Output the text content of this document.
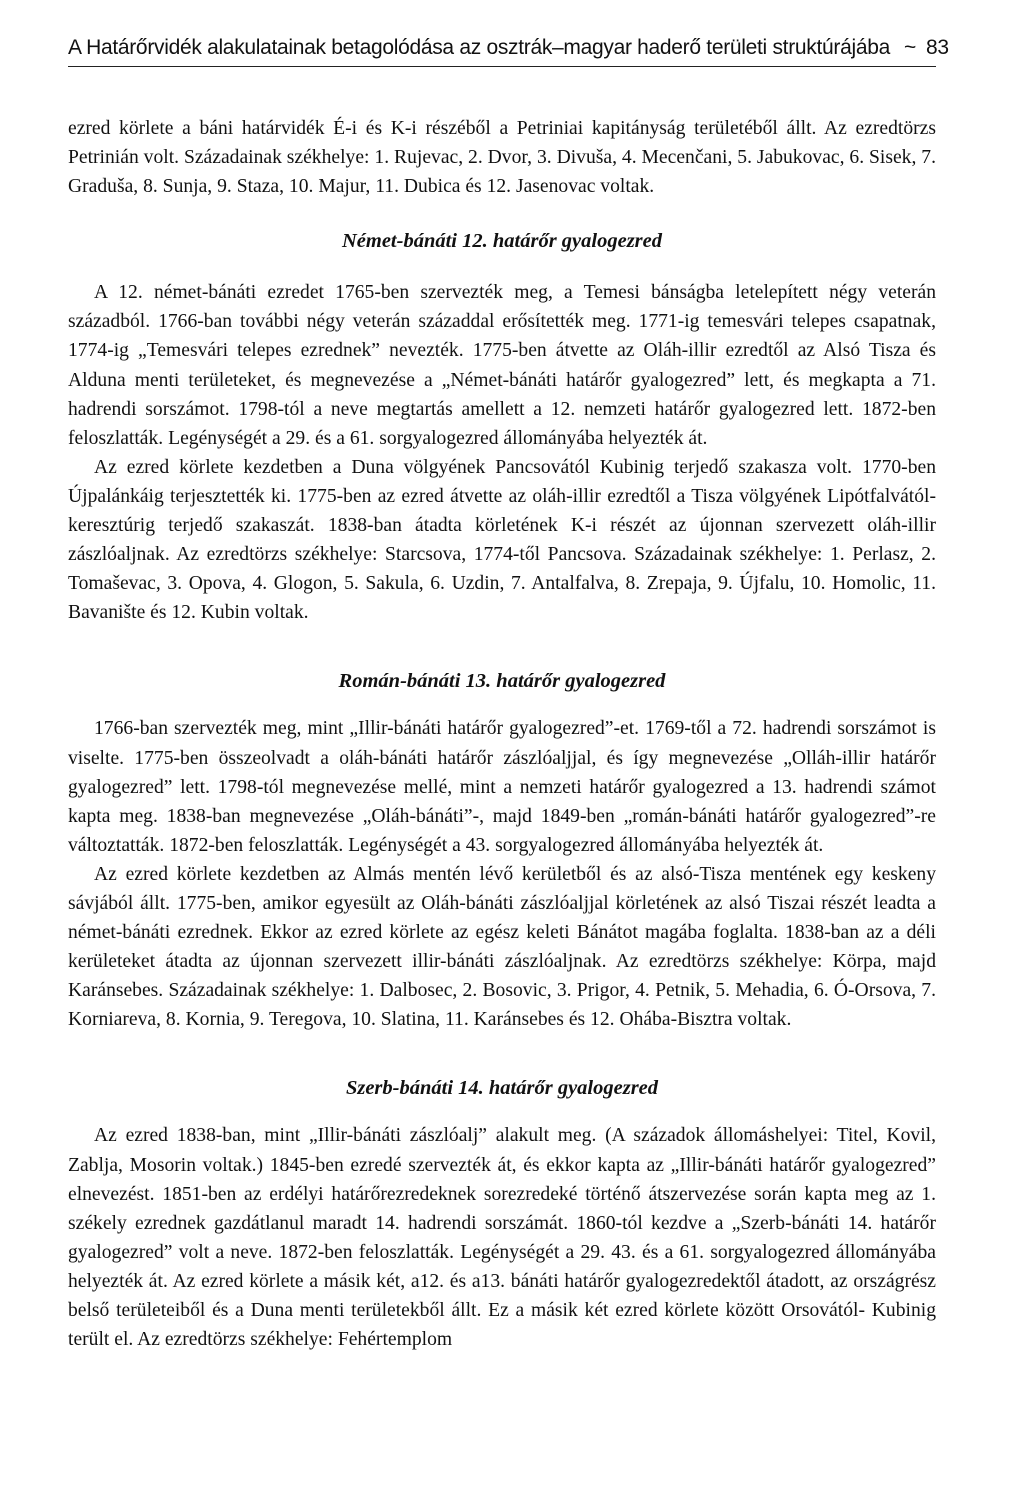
A Határőrvidék alakulatainak betagolódása az osztrák–magyar haderő területi struktúrájába ~ 83

ezred körlete a báni határvidék É-i és K-i részéből a Petriniai kapitányság területéből állt. Az ezredtörzs Petrinián volt. Századainak székhelye: 1. Rujevac, 2. Dvor, 3. Divuša, 4. Mecenčani, 5. Jabukovac, 6. Sisek, 7. Graduša, 8. Sunja, 9. Staza, 10. Majur, 11. Dubica és 12. Jasenovac voltak.

Német-bánáti 12. határőr gyalogezred

A 12. német-bánáti ezredet 1765-ben szervezték meg, a Temesi bánságba letelepített négy veterán századból. 1766-ban további négy veterán századdal erősítették meg. 1771-ig temesvári telepes csapatnak, 1774-ig „Temesvári telepes ezrednek” nevezték. 1775-ben átvette az Oláh-illir ezredtől az Alsó Tisza és Alduna menti területeket, és megnevezése a „Német-bánáti határőr gyalogezred” lett, és megkapta a 71. hadrendi sorszámot. 1798-tól a neve megtartás amellett a 12. nemzeti határőr gyalogezred lett. 1872-ben feloszlatták. Legénységét a 29. és a 61. sorgyalogezred állományába helyezték át.

Az ezred körlete kezdetben a Duna völgyének Pancsovától Kubinig terjedő szakasza volt. 1770-ben Újpalánkáig terjesztették ki. 1775-ben az ezred átvette az oláh-illir ezredtől a Tisza völgyének Lipótfalvától-keresztúrig terjedő szakaszát. 1838-ban átadta körletének K-i részét az újonnan szervezett oláh-illir zászlóaljnak. Az ezredtörzs székhelye: Starcsova, 1774-től Pancsova. Századainak székhelye: 1. Perlasz, 2. Tomaševac, 3. Opova, 4. Glogon, 5. Sakula, 6. Uzdin, 7. Antalfalva, 8. Zrepaja, 9. Újfalu, 10. Homolic, 11. Bavanište és 12. Kubin voltak.

Román-bánáti 13. határőr gyalogezred

1766-ban szervezték meg, mint „Illir-bánáti határőr gyalogezred”-et. 1769-től a 72. hadrendi sorszámot is viselte. 1775-ben összeolvadt a oláh-bánáti határőr zászlóaljjal, és így megnevezése „Olláh-illir határőr gyalogezred” lett. 1798-tól megnevezése mellé, mint a nemzeti határőr gyalogezred a 13. hadrendi számot kapta meg. 1838-ban megnevezése „Oláh-bánáti”-, majd 1849-ben „román-bánáti határőr gyalogezred”-re változtatták. 1872-ben feloszlatták. Legénységét a 43. sorgyalogezred állományába helyezték át.

Az ezred körlete kezdetben az Almás mentén lévő kerületből és az alsó-Tisza mentének egy keskeny sávjából állt. 1775-ben, amikor egyesült az Oláh-bánáti zászlóaljjal körletének az alsó Tiszai részét leadta a német-bánáti ezrednek. Ekkor az ezred körlete az egész keleti Bánátot magába foglalta. 1838-ban az a déli kerületeket átadta az újonnan szervezett illir-bánáti zászlóaljnak. Az ezredtörzs székhelye: Körpa, majd Karánsebes. Századainak székhelye: 1. Dalbosec, 2. Bosovic, 3. Prigor, 4. Petnik, 5. Mehadia, 6. Ó-Orsova, 7. Korniareva, 8. Kornia, 9. Teregova, 10. Slatina, 11. Karánsebes és 12. Ohába-Bisztra voltak.

Szerb-bánáti 14. határőr gyalogezred

Az ezred 1838-ban, mint „Illir-bánáti zászlóalj” alakult meg. (A századok állomáshelyei: Titel, Kovil, Zablja, Mosorin voltak.) 1845-ben ezredé szervezték át, és ekkor kapta az „Illir-bánáti határőr gyalogezred” elnevezést. 1851-ben az erdélyi határőrezredeknek sorezredeké történő átszervezése során kapta meg az 1. székely ezrednek gazdátlanul maradt 14. hadrendi sorszámát. 1860-tól kezdve a „Szerb-bánáti 14. határőr gyalogezred” volt a neve. 1872-ben feloszlatták. Legénységét a 29. 43. és a 61. sorgyalogezred állományába helyezték át. Az ezred körlete a másik két, a12. és a13. bánáti határőr gyalogezredektől átadott, az országrész belső területeiből és a Duna menti területekből állt. Ez a másik két ezred körlete között Orsovától- Kubinig terült el. Az ezredtörzs székhelye: Fehértemplom
